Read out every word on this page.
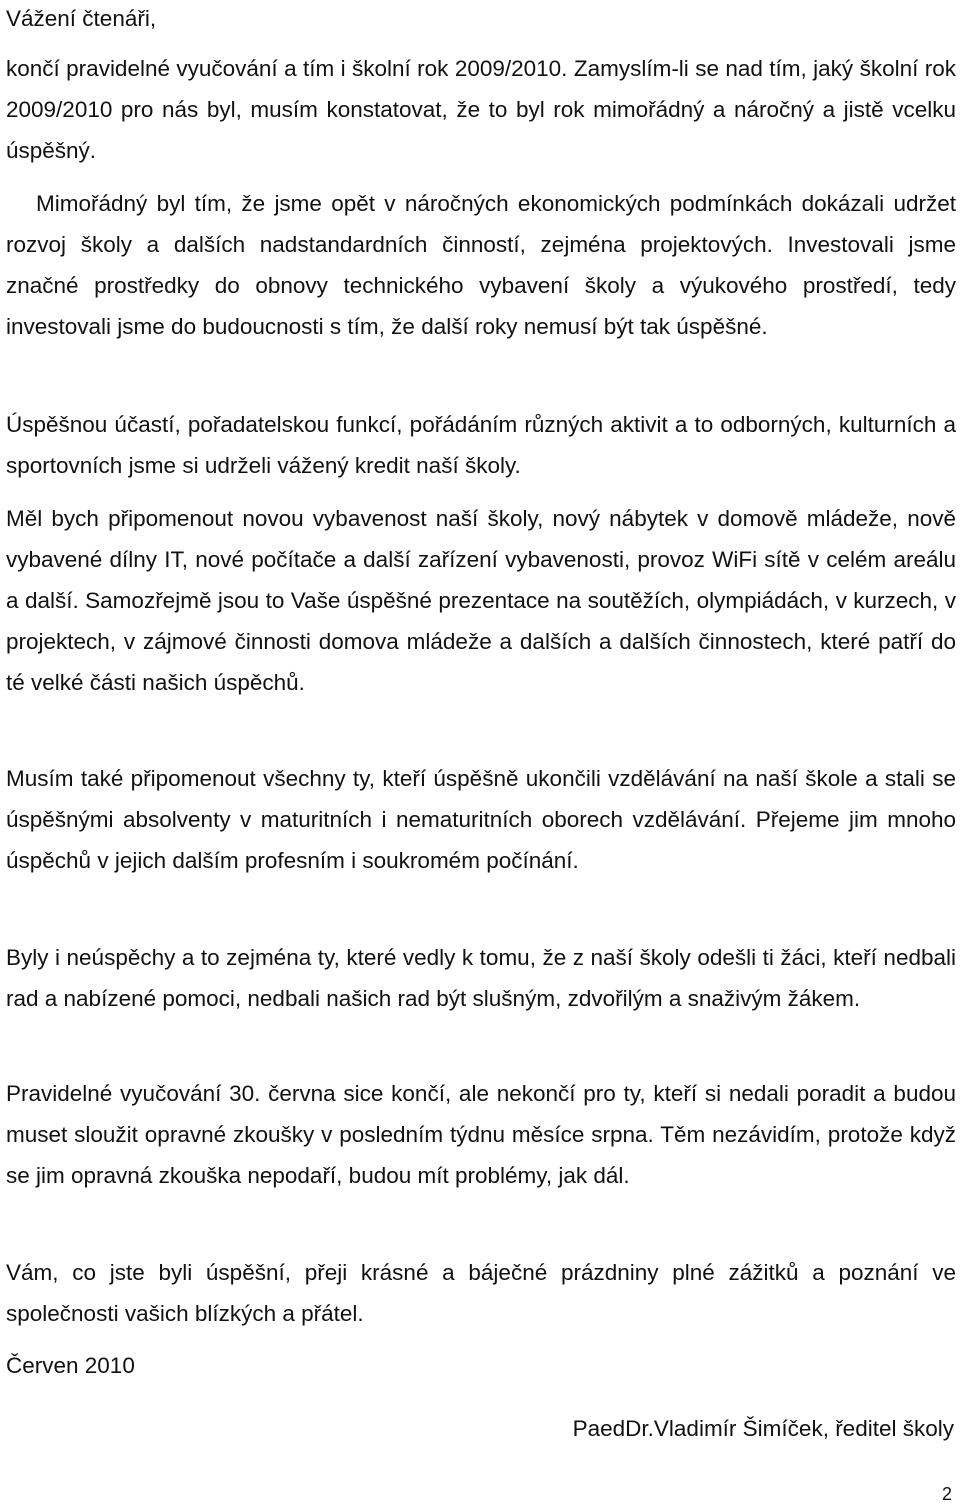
Vážení čtenáři,

končí pravidelné vyučování a tím i školní rok 2009/2010. Zamyslím-li se nad tím, jaký školní rok 2009/2010 pro nás byl, musím konstatovat, že to byl rok mimořádný a náročný a jistě vcelku úspěšný.

Mimořádný byl tím, že jsme opět v náročných ekonomických podmínkách dokázali udržet rozvoj školy a dalších nadstandardních činností, zejména projektových. Investovali jsme značné prostředky do obnovy technického vybavení školy a výukového prostředí, tedy investovali jsme do budoucnosti s tím, že další roky nemusí být tak úspěšné.

Úspěšnou účastí, pořadatelskou funkcí, pořádáním různých aktivit a to odborných, kulturních a sportovních jsme si udrželi vážený kredit naší školy.

Měl bych připomenout novou vybavenost naší školy, nový nábytek v domově mládeže, nově vybavené dílny IT, nové počítače a další zařízení vybavenosti, provoz WiFi sítě v celém areálu a další. Samozřejmě jsou to Vaše úspěšné prezentace na soutěžích, olympiádách, v kurzech, v projektech, v zájmové činnosti domova mládeže a dalších a dalších činnostech, které patří do té velké části našich úspěchů.

Musím také připomenout všechny ty, kteří úspěšně ukončili vzdělávání na naší škole a stali se úspěšnými absolventy v maturitních i nematuritních oborech vzdělávání. Přejeme jim mnoho úspěchů v jejich dalším profesním i soukromém počínání.

Byly i neúspěchy a to zejména ty, které vedly k tomu, že z naší školy odešli ti žáci, kteří nedbali rad a nabízené pomoci, nedbali našich rad být slušným, zdvořilým a snaživým žákem.

Pravidelné vyučování 30. června sice končí, ale nekončí pro ty, kteří si nedali poradit a budou muset sloužit opravné zkoušky v posledním týdnu měsíce srpna. Těm nezávidím, protože když se jim opravná zkouška nepodaří, budou mít problémy, jak dál.

Vám, co jste byli úspěšní, přeji krásné a báječné prázdniny plné zážitků a poznání ve společnosti vašich blízkých a přátel.

Červen 2010

PaedDr.Vladimír Šimíček, ředitel školy

2
